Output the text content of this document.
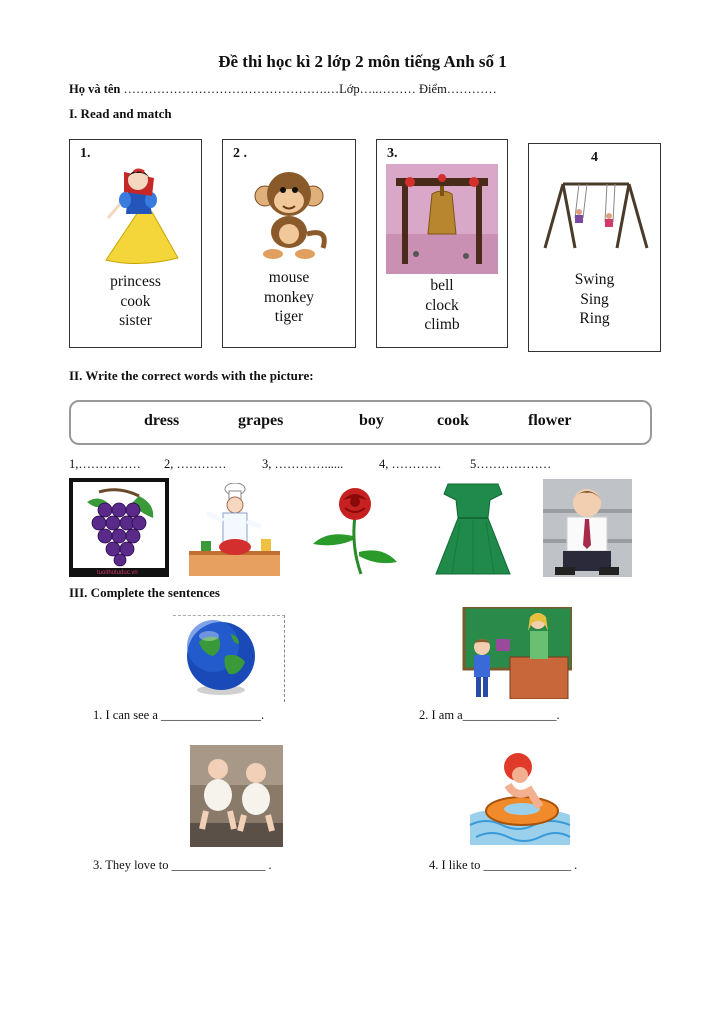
Đề thi học kì 2 lớp 2 môn tiếng Anh số 1
Họ và tên ………………………………………….…Lớp…..……… Điểm…………
I. Read and match
1.
princess
cook
sister
2 .
mouse
monkey
tiger
3.
bell
clock
climb
4
Swing
Sing
Ring
II. Write the correct words with the picture:
dress	grapes	boy	cook	flower
1,…………… 2, …………	3, …………......	4, ………… 5………………
tuoithotuduc.vn
III. Complete the sentences
1. I can see a ________________.	2. I am a_______________.
3. They love to _______________ .	4. I like to ______________ .
